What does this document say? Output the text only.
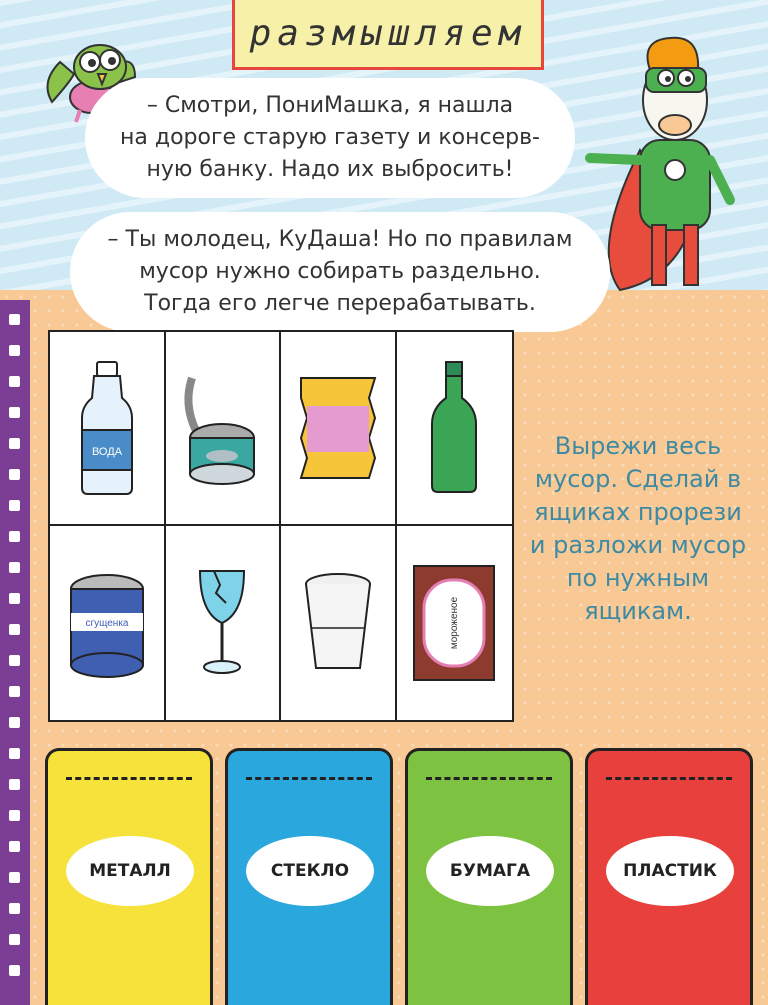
размышляем
– Смотри, ПониМашка, я нашла
на дороге старую газету и консерв-
ную банку. Надо их выбросить!
– Ты молодец, КуДаша! Но по правилам
мусор нужно собирать раздельно.
Тогда его легче перерабатывать.
ВОДА
сгущенка	мороженое
Вырежи весь
мусор. Сделай в
ящиках прорези
и разложи мусор
по нужным
ящикам.
МЕТАЛЛ	СТЕКЛО	БУМАГА	ПЛАСТИК
